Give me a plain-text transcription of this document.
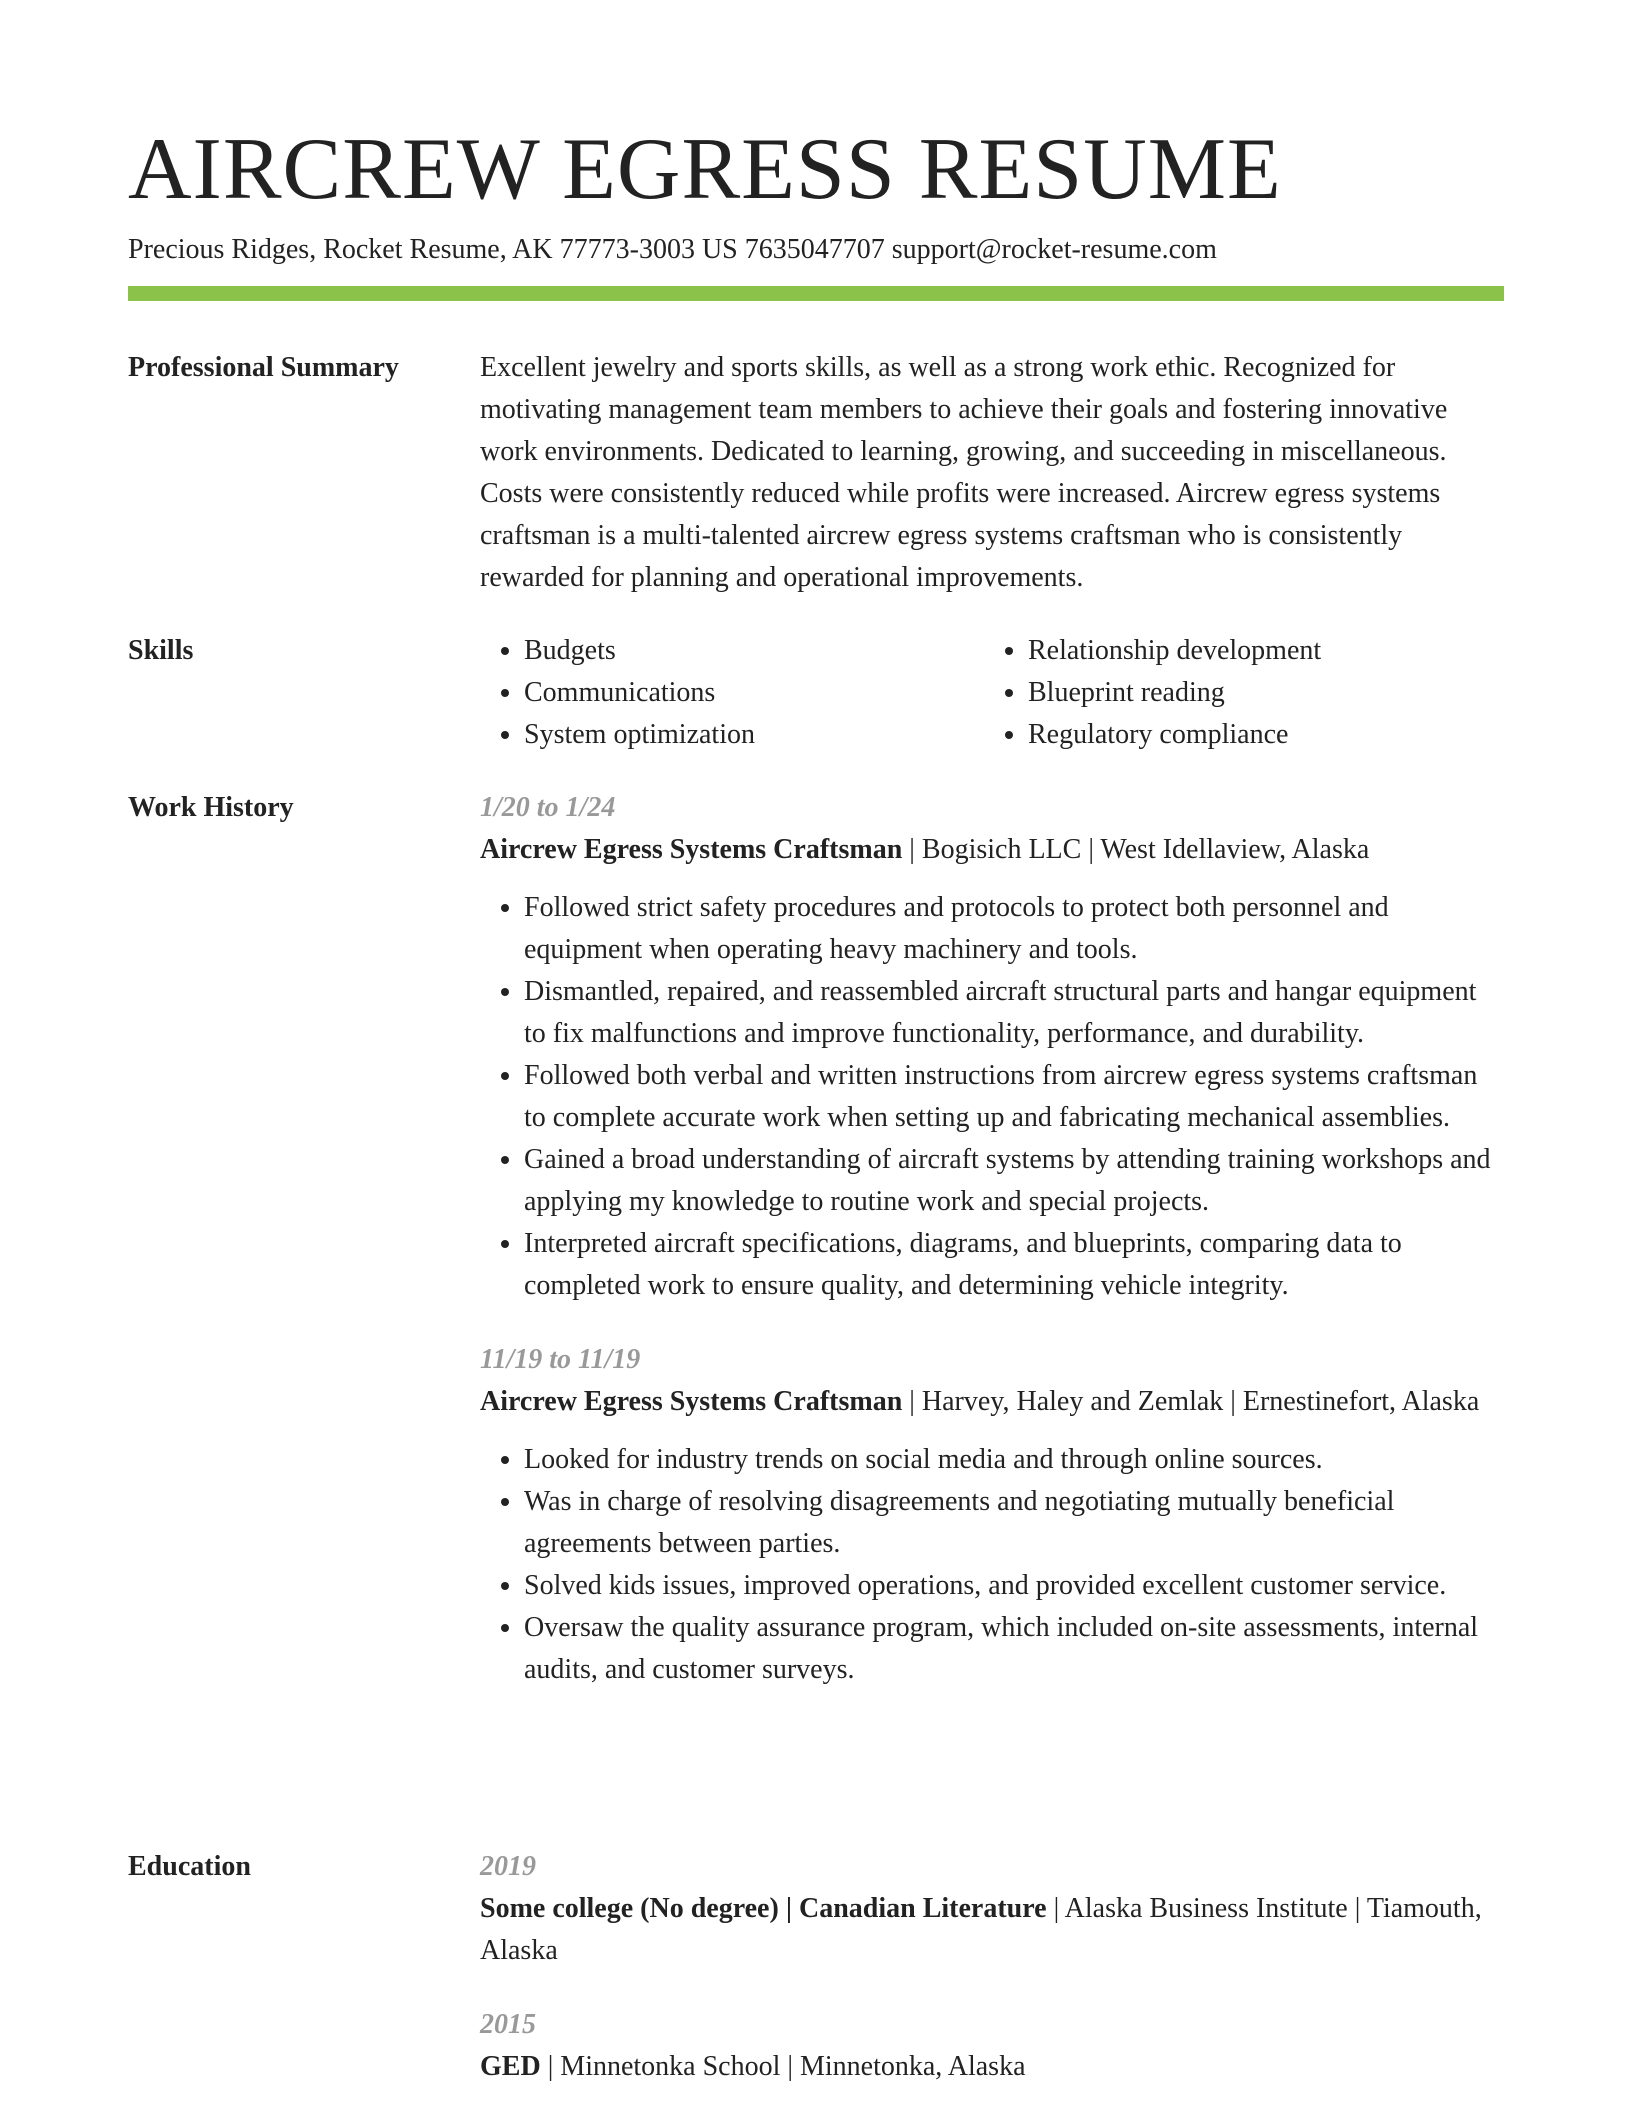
AIRCREW EGRESS RESUME
Precious Ridges, Rocket Resume, AK 77773-3003 US 7635047707 support@rocket-resume.com
Professional Summary	Excellent jewelry and sports skills, as well as a strong work ethic. Recognized for motivating management team members to achieve their goals and fostering innovative work environments. Dedicated to learning, growing, and succeeding in miscellaneous. Costs were consistently reduced while profits were increased. Aircrew egress systems craftsman is a multi-talented aircrew egress systems craftsman who is consistently rewarded for planning and operational improvements.

Skills
•	Budgets
• Communications
• System optimization
• Relationship development
• Blueprint reading
• Regulatory compliance
Work History	1/20 to 1/24

Aircrew Egress Systems Craftsman | Bogisich LLC | West Idellaview, Alaska

• Followed strict safety procedures and protocols to protect both personnel and equipment when operating heavy machinery and tools.
• Dismantled, repaired, and reassembled aircraft structural parts and hangar equipment to fix malfunctions and improve functionality, performance, and durability.
• Followed both verbal and written instructions from aircrew egress systems craftsman to complete accurate work when setting up and fabricating mechanical assemblies.
• Gained a broad understanding of aircraft systems by attending training workshops and applying my knowledge to routine work and special projects.
• Interpreted aircraft specifications, diagrams, and blueprints, comparing data to completed work to ensure quality, and determining vehicle integrity.
11/19 to 11/19

Aircrew Egress Systems Craftsman | Harvey, Haley and Zemlak | Ernestinefort, Alaska

• Looked for industry trends on social media and through online sources.
• Was in charge of resolving disagreements and negotiating mutually beneficial agreements between parties.
• Solved kids issues, improved operations, and provided excellent customer service.
• Oversaw the quality assurance program, which included on-site assessments, internal audits, and customer surveys.
Education	2019

Some college (No degree) | Canadian Literature | Alaska Business Institute | Tiamouth, Alaska

2015

GED | Minnetonka School | Minnetonka, Alaska
